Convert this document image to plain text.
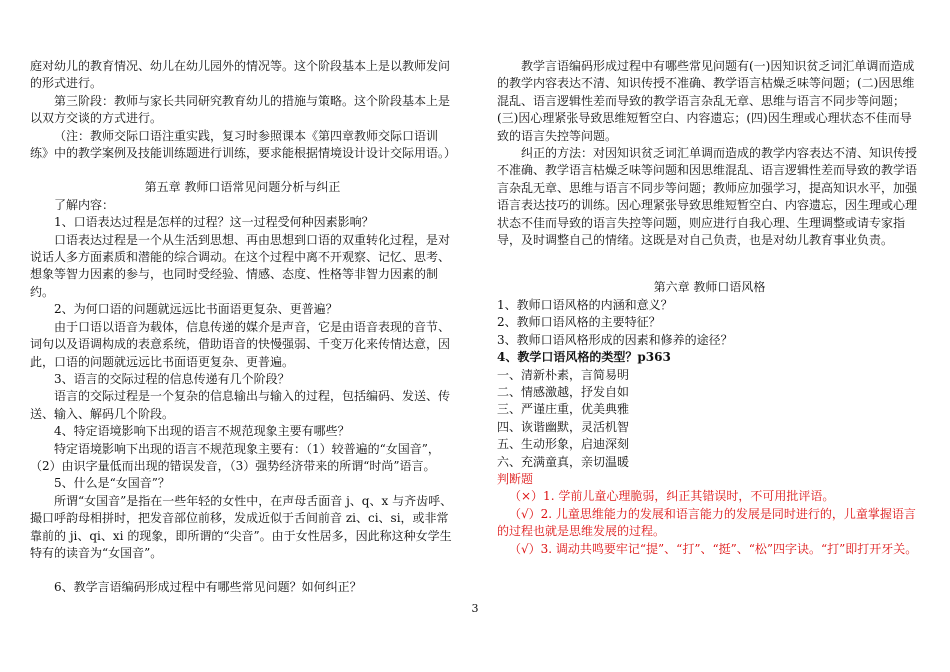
庭对幼儿的教育情况、幼儿在幼儿园外的情况等。这个阶段基本上是以教师发问的形式进行。

第三阶段：教师与家长共同研究教育幼儿的措施与策略。这个阶段基本上是以双方交谈的方式进行。

（注：教师交际口语注重实践，复习时参照课本《第四章教师交际口语训练》中的教学案例及技能训练题进行训练，要求能根据情境设计设计交际用语。）

第五章 教师口语常见问题分析与纠正

了解内容：

1、口语表达过程是怎样的过程？这一过程受何种因素影响？

口语表达过程是一个从生活到思想、再由思想到口语的双重转化过程，是对说话人多方面素质和潜能的综合调动。在这个过程中离不开观察、记忆、思考、想象等智力因素的参与，也同时受经验、情感、态度、性格等非智力因素的制约。

2、为何口语的问题就远远比书面语更复杂、更普遍？

由于口语以语音为载体，信息传递的媒介是声音，它是由语音表现的音节、词句以及语调构成的表意系统，借助语音的快慢强弱、千变万化来传情达意，因此，口语的问题就远远比书面语更复杂、更普遍。

3、语言的交际过程的信息传递有几个阶段？

语言的交际过程是一个复杂的信息输出与输入的过程，包括编码、发送、传送、输入、解码几个阶段。

4、特定语境影响下出现的语言不规范现象主要有哪些？

特定语境影响下出现的语言不规范现象主要有：（1）较普遍的“女国音”，（2）由识字量低而出现的错误发音，（3）强势经济带来的所谓“时尚”语言。

5、什么是“女国音”？

所谓“女国音”是指在一些年轻的女性中，在声母舌面音 j、q、x 与齐齿呼、撮口呼韵母相拼时，把发音部位前移，发成近似于舌间前音 zi、ci、si，或非常靠前的 ji、qi、xi 的现象，即所谓的“尖音”。由于女性居多，因此称这种女学生特有的读音为“女国音”。

6、教学言语编码形成过程中有哪些常见问题？如何纠正？

教学言语编码形成过程中有哪些常见问题有(一)因知识贫乏词汇单调而造成的教学内容表达不清、知识传授不准确、教学语言枯燥乏味等问题；(二)因思维混乱、语言逻辑性差而导致的教学语言杂乱无章、思维与语言不同步等问题；(三)因心理紧张导致思维短暂空白、内容遗忘；(四)因生理或心理状态不佳而导致的语言失控等问题。

纠正的方法：对因知识贫乏词汇单调而造成的教学内容表达不清、知识传授不准确、教学语言枯燥乏味等问题和因思维混乱、语言逻辑性差而导致的教学语言杂乱无章、思维与语言不同步等问题；教师应加强学习，提高知识水平，加强语言表达技巧的训练。因心理紧张导致思维短暂空白、内容遗忘，因生理或心理状态不佳而导致的语言失控等问题，则应进行自我心理、生理调整或请专家指导，及时调整自己的情绪。这既是对自己负责，也是对幼儿教育事业负责。

第六章 教师口语风格

1、教师口语风格的内涵和意义？

2、教师口语风格的主要特征？

3、教师口语风格形成的因素和修养的途径？

4、教学口语风格的类型？p363

一、清新朴素，言简易明

二、情感激越，抒发自如

三、严谨庄重，优美典雅

四、诙谐幽默，灵活机智

五、生动形象，启迪深刻

六、充满童真，亲切温暖

判断题

（×）1. 学前儿童心理脆弱，纠正其错误时，不可用批评语。

（√）2. 儿童思维能力的发展和语言能力的发展是同时进行的，儿童掌握语言的过程也就是思维发展的过程。

（√）3. 调动共鸣要牢记“提”、“打”、“挺”、“松”四字诀。“打”即打开牙关。

3
